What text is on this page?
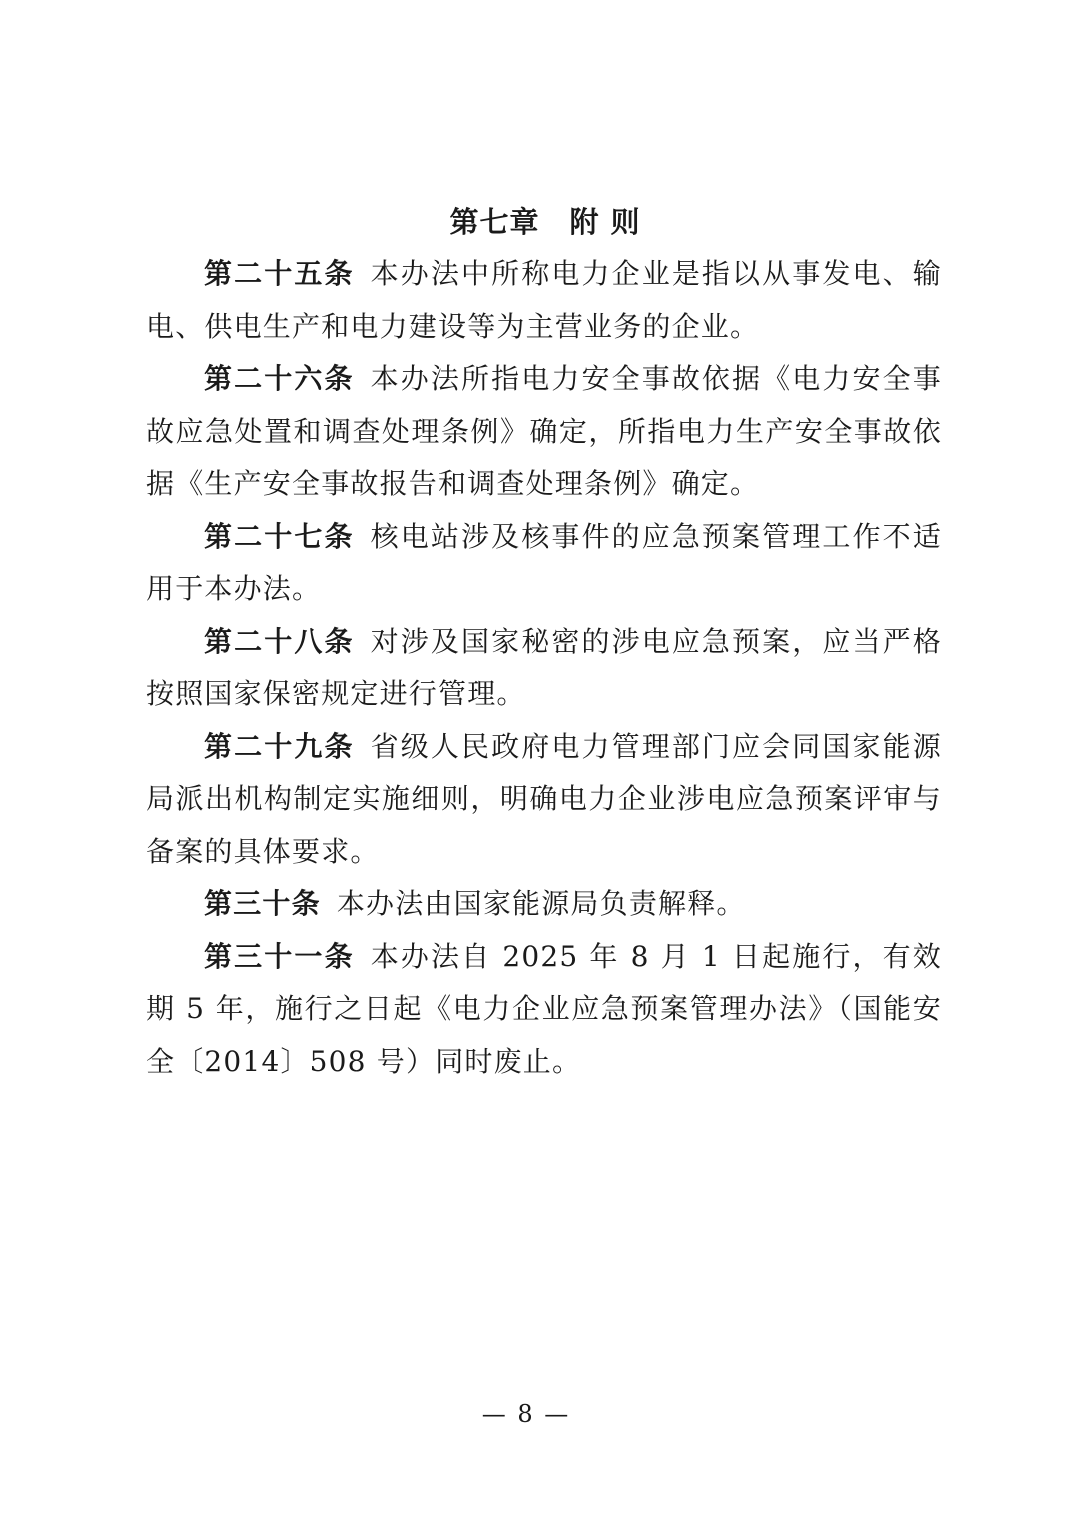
第七章　附 则

第二十五条 本办法中所称电力企业是指以从事发电、输电、供电生产和电力建设等为主营业务的企业。

第二十六条 本办法所指电力安全事故依据《电力安全事故应急处置和调查处理条例》确定，所指电力生产安全事故依据《生产安全事故报告和调查处理条例》确定。

第二十七条 核电站涉及核事件的应急预案管理工作不适用于本办法。

第二十八条 对涉及国家秘密的涉电应急预案，应当严格按照国家保密规定进行管理。

第二十九条 省级人民政府电力管理部门应会同国家能源局派出机构制定实施细则，明确电力企业涉电应急预案评审与备案的具体要求。

第三十条 本办法由国家能源局负责解释。

第三十一条 本办法自 2025 年 8 月 1 日起施行，有效期 5 年，施行之日起《电力企业应急预案管理办法》（国能安全〔2014〕508 号）同时废止。

— 8 —
